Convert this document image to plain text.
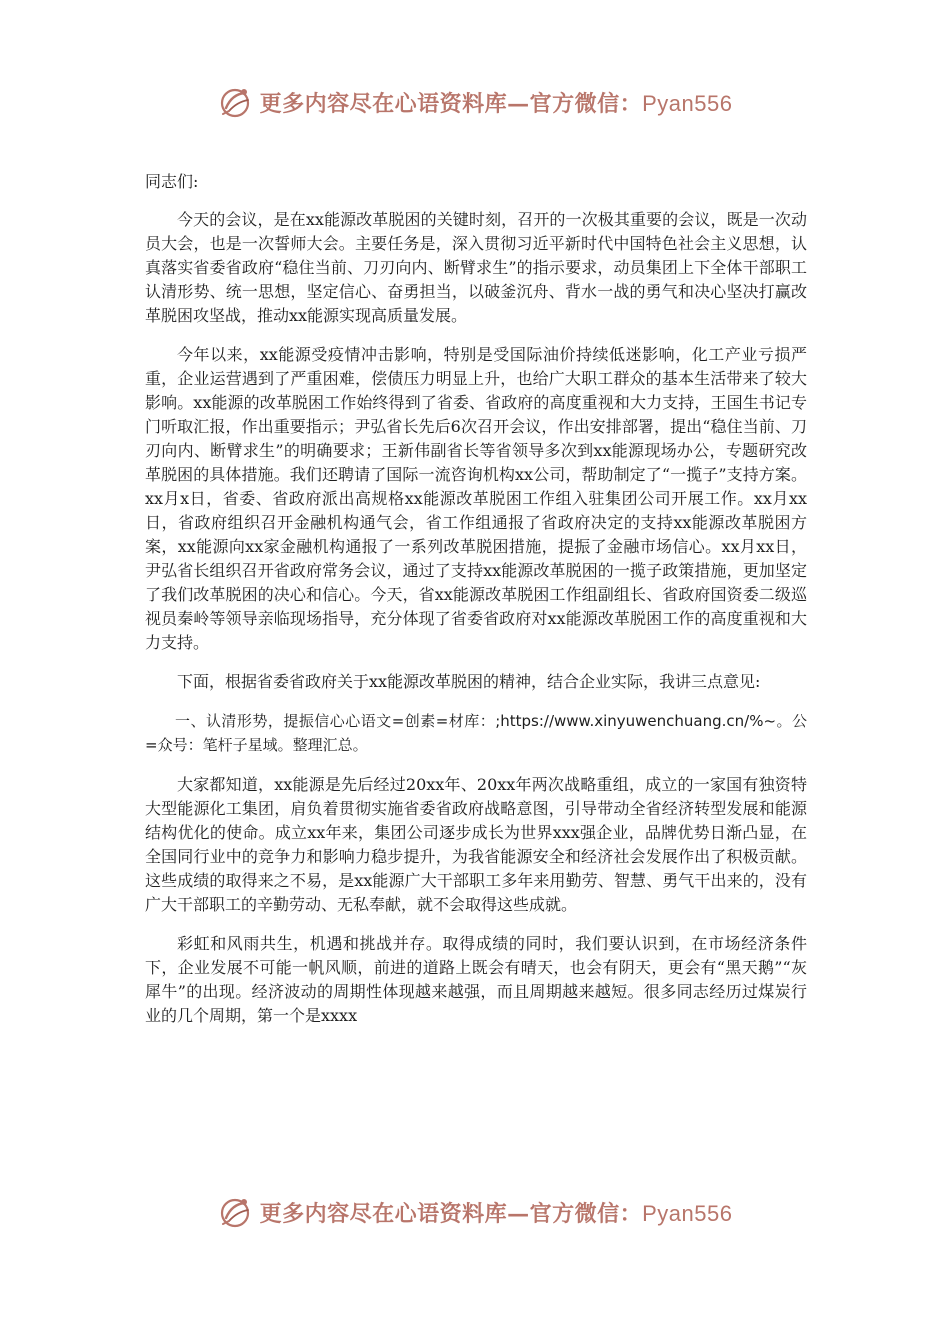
更多内容尽在心语资料库—官方微信：Pyan556

同志们:

今天的会议，是在xx能源改革脱困的关键时刻，召开的一次极其重要的会议，既是一次动员大会，也是一次誓师大会。主要任务是，深入贯彻习近平新时代中国特色社会主义思想，认真落实省委省政府“稳住当前、刀刃向内、断臂求生”的指示要求，动员集团上下全体干部职工认清形势、统一思想，坚定信心、奋勇担当，以破釜沉舟、背水一战的勇气和决心坚决打赢改革脱困攻坚战，推动xx能源实现高质量发展。

今年以来，xx能源受疫情冲击影响，特别是受国际油价持续低迷影响，化工产业亏损严重，企业运营遇到了严重困难，偿债压力明显上升，也给广大职工群众的基本生活带来了较大影响。xx能源的改革脱困工作始终得到了省委、省政府的高度重视和大力支持，王国生书记专门听取汇报，作出重要指示；尹弘省长先后6次召开会议，作出安排部署，提出“稳住当前、刀刃向内、断臂求生”的明确要求；王新伟副省长等省领导多次到xx能源现场办公，专题研究改革脱困的具体措施。我们还聘请了国际一流咨询机构xx公司，帮助制定了“一揽子”支持方案。xx月x日，省委、省政府派出高规格xx能源改革脱困工作组入驻集团公司开展工作。xx月xx日，省政府组织召开金融机构通气会，省工作组通报了省政府决定的支持xx能源改革脱困方案，xx能源向xx家金融机构通报了一系列改革脱困措施，提振了金融市场信心。xx月xx日，尹弘省长组织召开省政府常务会议，通过了支持xx能源改革脱困的一揽子政策措施，更加坚定了我们改革脱困的决心和信心。今天，省xx能源改革脱困工作组副组长、省政府国资委二级巡视员秦岭等领导亲临现场指导，充分体现了省委省政府对xx能源改革脱困工作的高度重视和大力支持。

下面，根据省委省政府关于xx能源改革脱困的精神，结合企业实际，我讲三点意见:

一、认清形势，提振信心心语文=创素=材库：;https://www.xinyuwenchuang.cn/%~。公=众号：笔杆子星域。整理汇总。

大家都知道，xx能源是先后经过20xx年、20xx年两次战略重组，成立的一家国有独资特大型能源化工集团，肩负着贯彻实施省委省政府战略意图，引导带动全省经济转型发展和能源结构优化的使命。成立xx年来，集团公司逐步成长为世界xxx强企业，品牌优势日渐凸显，在全国同行业中的竞争力和影响力稳步提升，为我省能源安全和经济社会发展作出了积极贡献。这些成绩的取得来之不易，是xx能源广大干部职工多年来用勤劳、智慧、勇气干出来的，没有广大干部职工的辛勤劳动、无私奉献，就不会取得这些成就。

彩虹和风雨共生，机遇和挑战并存。取得成绩的同时，我们要认识到，在市场经济条件下，企业发展不可能一帆风顺，前进的道路上既会有晴天，也会有阴天，更会有“黑天鹅”“灰犀牛”的出现。经济波动的周期性体现越来越强，而且周期越来越短。很多同志经历过煤炭行业的几个周期，第一个是xxxx

更多内容尽在心语资料库—官方微信：Pyan556
